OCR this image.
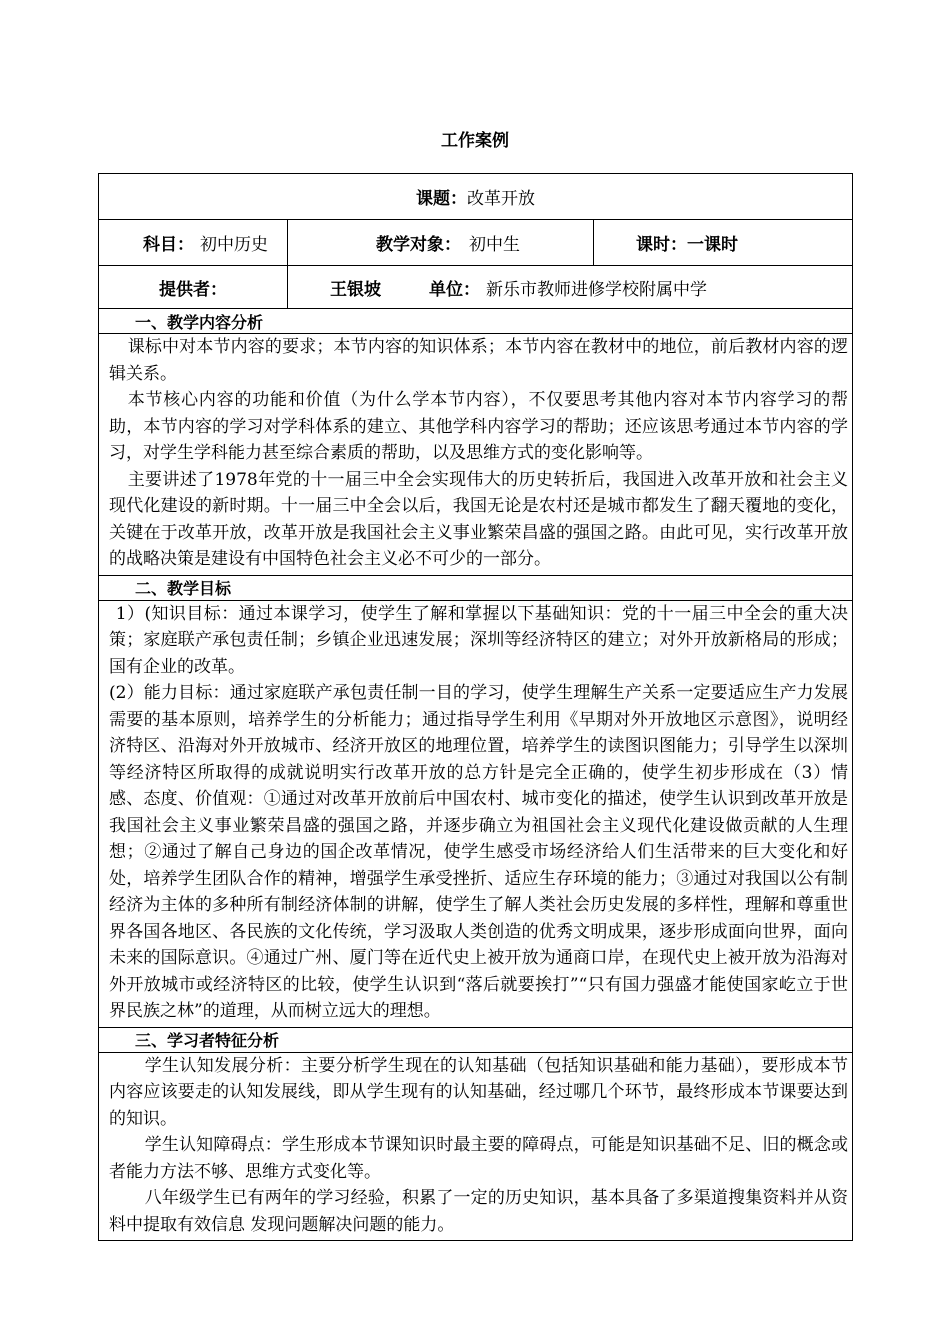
工作案例
课题：改革开放		
科目： 初中历史	教学对象： 初中生	课时：一课时
提供者：	王银坡 单位： 新乐市教师进修学校附属中学	
一、教学内容分析		

课标中对本节内容的要求；本节内容的知识体系；本节内容在教材中的地位，前后教材内容的逻辑关系。

本节核心内容的功能和价值（为什么学本节内容），不仅要思考其他内容对本节内容学习的帮助，本节内容的学习对学科体系的建立、其他学科内容学习的帮助；还应该思考通过本节内容的学习，对学生学科能力甚至综合素质的帮助，以及思维方式的变化影响等。

主要讲述了1978年党的十一届三中全会实现伟大的历史转折后，我国进入改革开放和社会主义现代化建设的新时期。十一届三中全会以后，我国无论是农村还是城市都发生了翻天覆地的变化，关键在于改革开放，改革开放是我国社会主义事业繁荣昌盛的强国之路。由此可见，实行改革开放的战略决策是建设有中国特色社会主义必不可少的一部分。		

二、教学目标		

1）(知识目标：通过本课学习，使学生了解和掌握以下基础知识：党的十一届三中全会的重大决策；家庭联产承包责任制；乡镇企业迅速发展；深圳等经济特区的建立；对外开放新格局的形成；国有企业的改革。

(2）能力目标：通过家庭联产承包责任制一目的学习，使学生理解生产关系一定要适应生产力发展需要的基本原则，培养学生的分析能力；通过指导学生利用《早期对外开放地区示意图》，说明经济特区、沿海对外开放城市、经济开放区的地理位置，培养学生的读图识图能力；引导学生以深圳等经济特区所取得的成就说明实行改革开放的总方针是完全正确的，使学生初步形成在（3）情感、态度、价值观：①通过对改革开放前后中国农村、城市变化的描述，使学生认识到改革开放是我国社会主义事业繁荣昌盛的强国之路，并逐步确立为祖国社会主义现代化建设做贡献的人生理想；②通过了解自己身边的国企改革情况，使学生感受市场经济给人们生活带来的巨大变化和好处，培养学生团队合作的精神，增强学生承受挫折、适应生存环境的能力；③通过对我国以公有制经济为主体的多种所有制经济体制的讲解，使学生了解人类社会历史发展的多样性，理解和尊重世界各国各地区、各民族的文化传统，学习汲取人类创造的优秀文明成果，逐步形成面向世界，面向未来的国际意识。④通过广州、厦门等在近代史上被开放为通商口岸，在现代史上被开放为沿海对外开放城市或经济特区的比较，使学生认识到“落后就要挨打”“只有国力强盛才能使国家屹立于世界民族之林”的道理，从而树立远大的理想。		

三、学习者特征分析		

学生认知发展分析：主要分析学生现在的认知基础（包括知识基础和能力基础），要形成本节内容应该要走的认知发展线，即从学生现有的认知基础，经过哪几个环节，最终形成本节课要达到的知识。

学生认知障碍点：学生形成本节课知识时最主要的障碍点，可能是知识基础不足、旧的概念或者能力方法不够、思维方式变化等。

八年级学生已有两年的学习经验，积累了一定的历史知识，基本具备了多渠道搜集资料并从资料中提取有效信息 发现问题解决问题的能力。		
